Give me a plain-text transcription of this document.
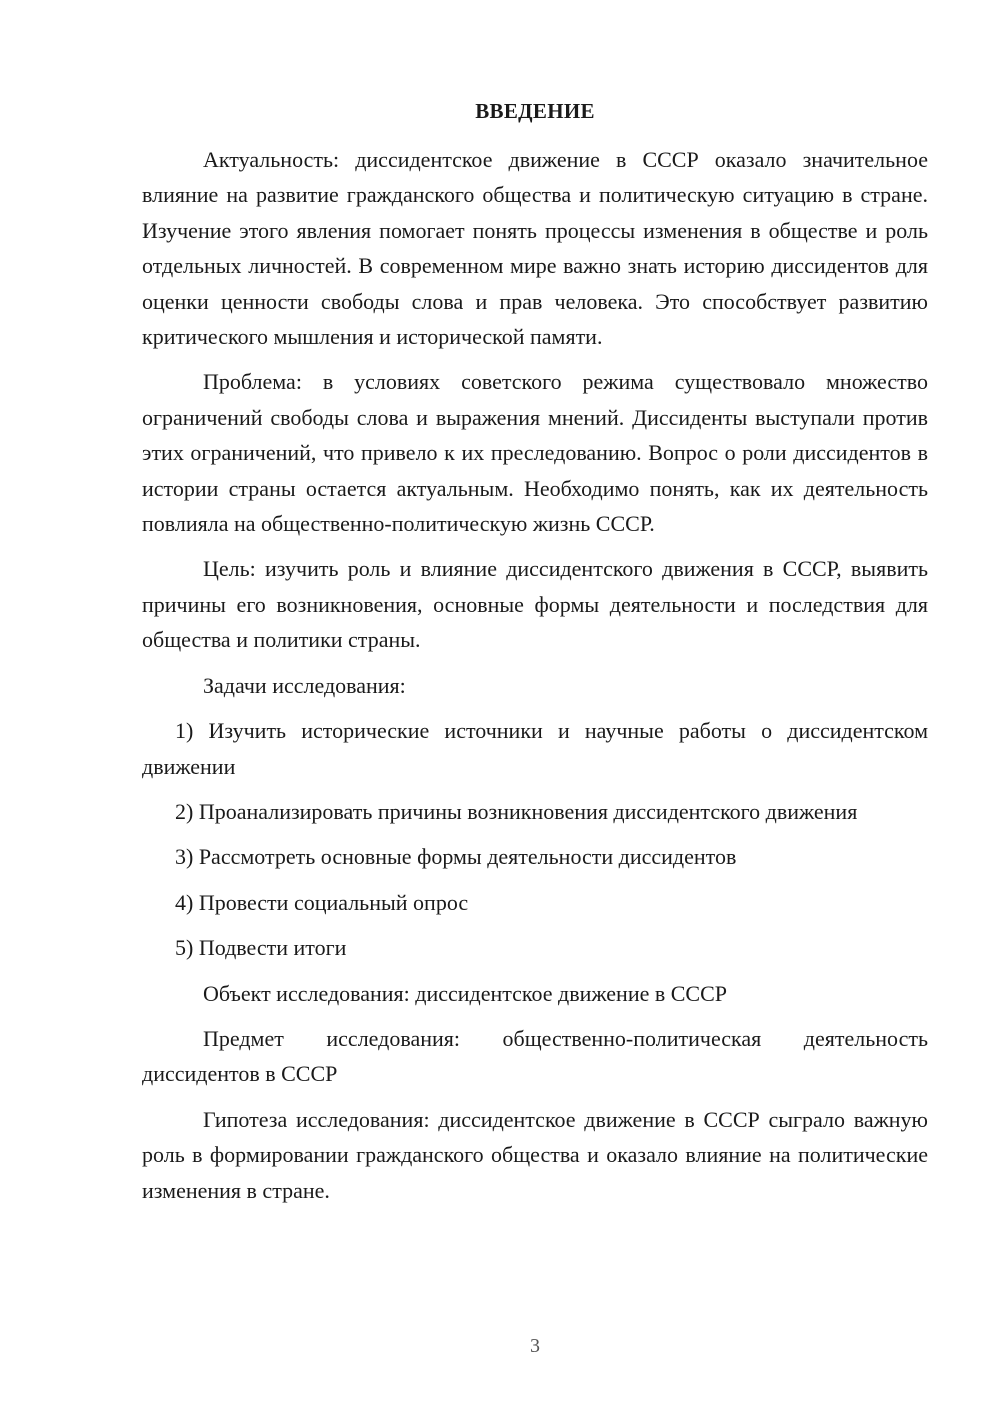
ВВЕДЕНИЕ

Актуальность: диссидентское движение в СССР оказало значительное влияние на развитие гражданского общества и политическую ситуацию в стране. Изучение этого явления помогает понять процессы изменения в обществе и роль отдельных личностей. В современном мире важно знать историю диссидентов для оценки ценности свободы слова и прав человека. Это способствует развитию критического мышления и исторической памяти.

Проблема: в условиях советского режима существовало множество ограничений свободы слова и выражения мнений. Диссиденты выступали против этих ограничений, что привело к их преследованию. Вопрос о роли диссидентов в истории страны остается актуальным. Необходимо понять, как их деятельность повлияла на общественно-политическую жизнь СССР.

Цель: изучить роль и влияние диссидентского движения в СССР, выявить причины его возникновения, основные формы деятельности и последствия для общества и политики страны.

Задачи исследования:

1) Изучить исторические источники и научные работы о диссидентском движении

2) Проанализировать причины возникновения диссидентского движения

3) Рассмотреть основные формы деятельности диссидентов

4) Провести социальный опрос

5) Подвести итоги

Объект исследования: диссидентское движение в СССР

Предмет исследования: общественно-политическая деятельность диссидентов в СССР

Гипотеза исследования: диссидентское движение в СССР сыграло важную роль в формировании гражданского общества и оказало влияние на политические изменения в стране.

3
